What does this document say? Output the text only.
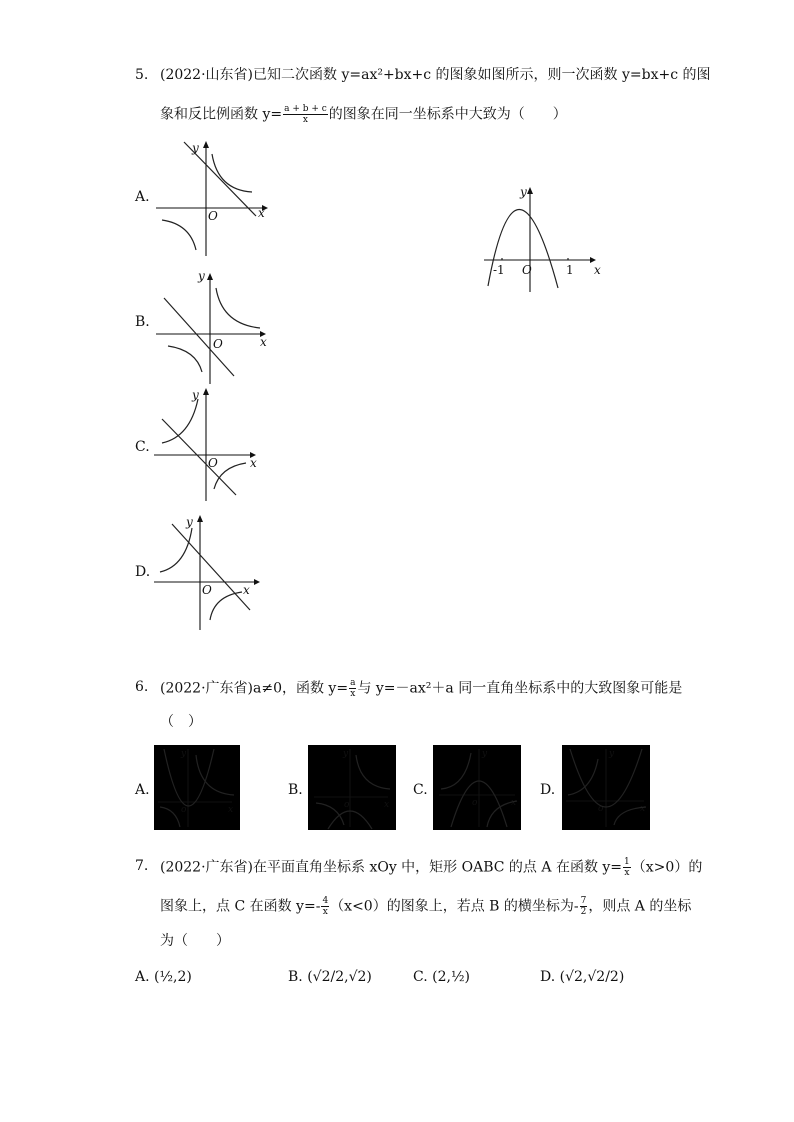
5. (2022·山东省)已知二次函数 y=ax²+bx+c 的图象如图所示，则一次函数 y=bx+c 的图
象和反比例函数 $y= \frac{a + b + c}{x}$ 的图象在同一坐标系中大致为（　　）
A.
x
y
O
B.
x
y
O
C.
x
y
O
D.
x
y
O
x
y
O
-1	1
6. (2022·广东省)a≠0，函数 $y= \frac{a}{x}$ 与 y=－ax²＋a 同一直角坐标系中的大致图象可能是
（　）
A.
x
y
o
B.
x
y
o
C.
x
y
o
D.
x
y
o
7. (2022·广东省)在平面直角坐标系 xOy 中，矩形 OABC 的点 A 在函数 $y= \frac{1}{x} (x>0)$的
图象上，点 C 在函数 $y=- \frac{4}{x} (x<0)$的图象上，若点 B 的横坐标为- $\frac{7}{2}$ ，则点 A 的坐标
为（　　）
A. (½,2)	B. (√2/2,√2)	C. (2,½)	D. (√2,√2/2)
